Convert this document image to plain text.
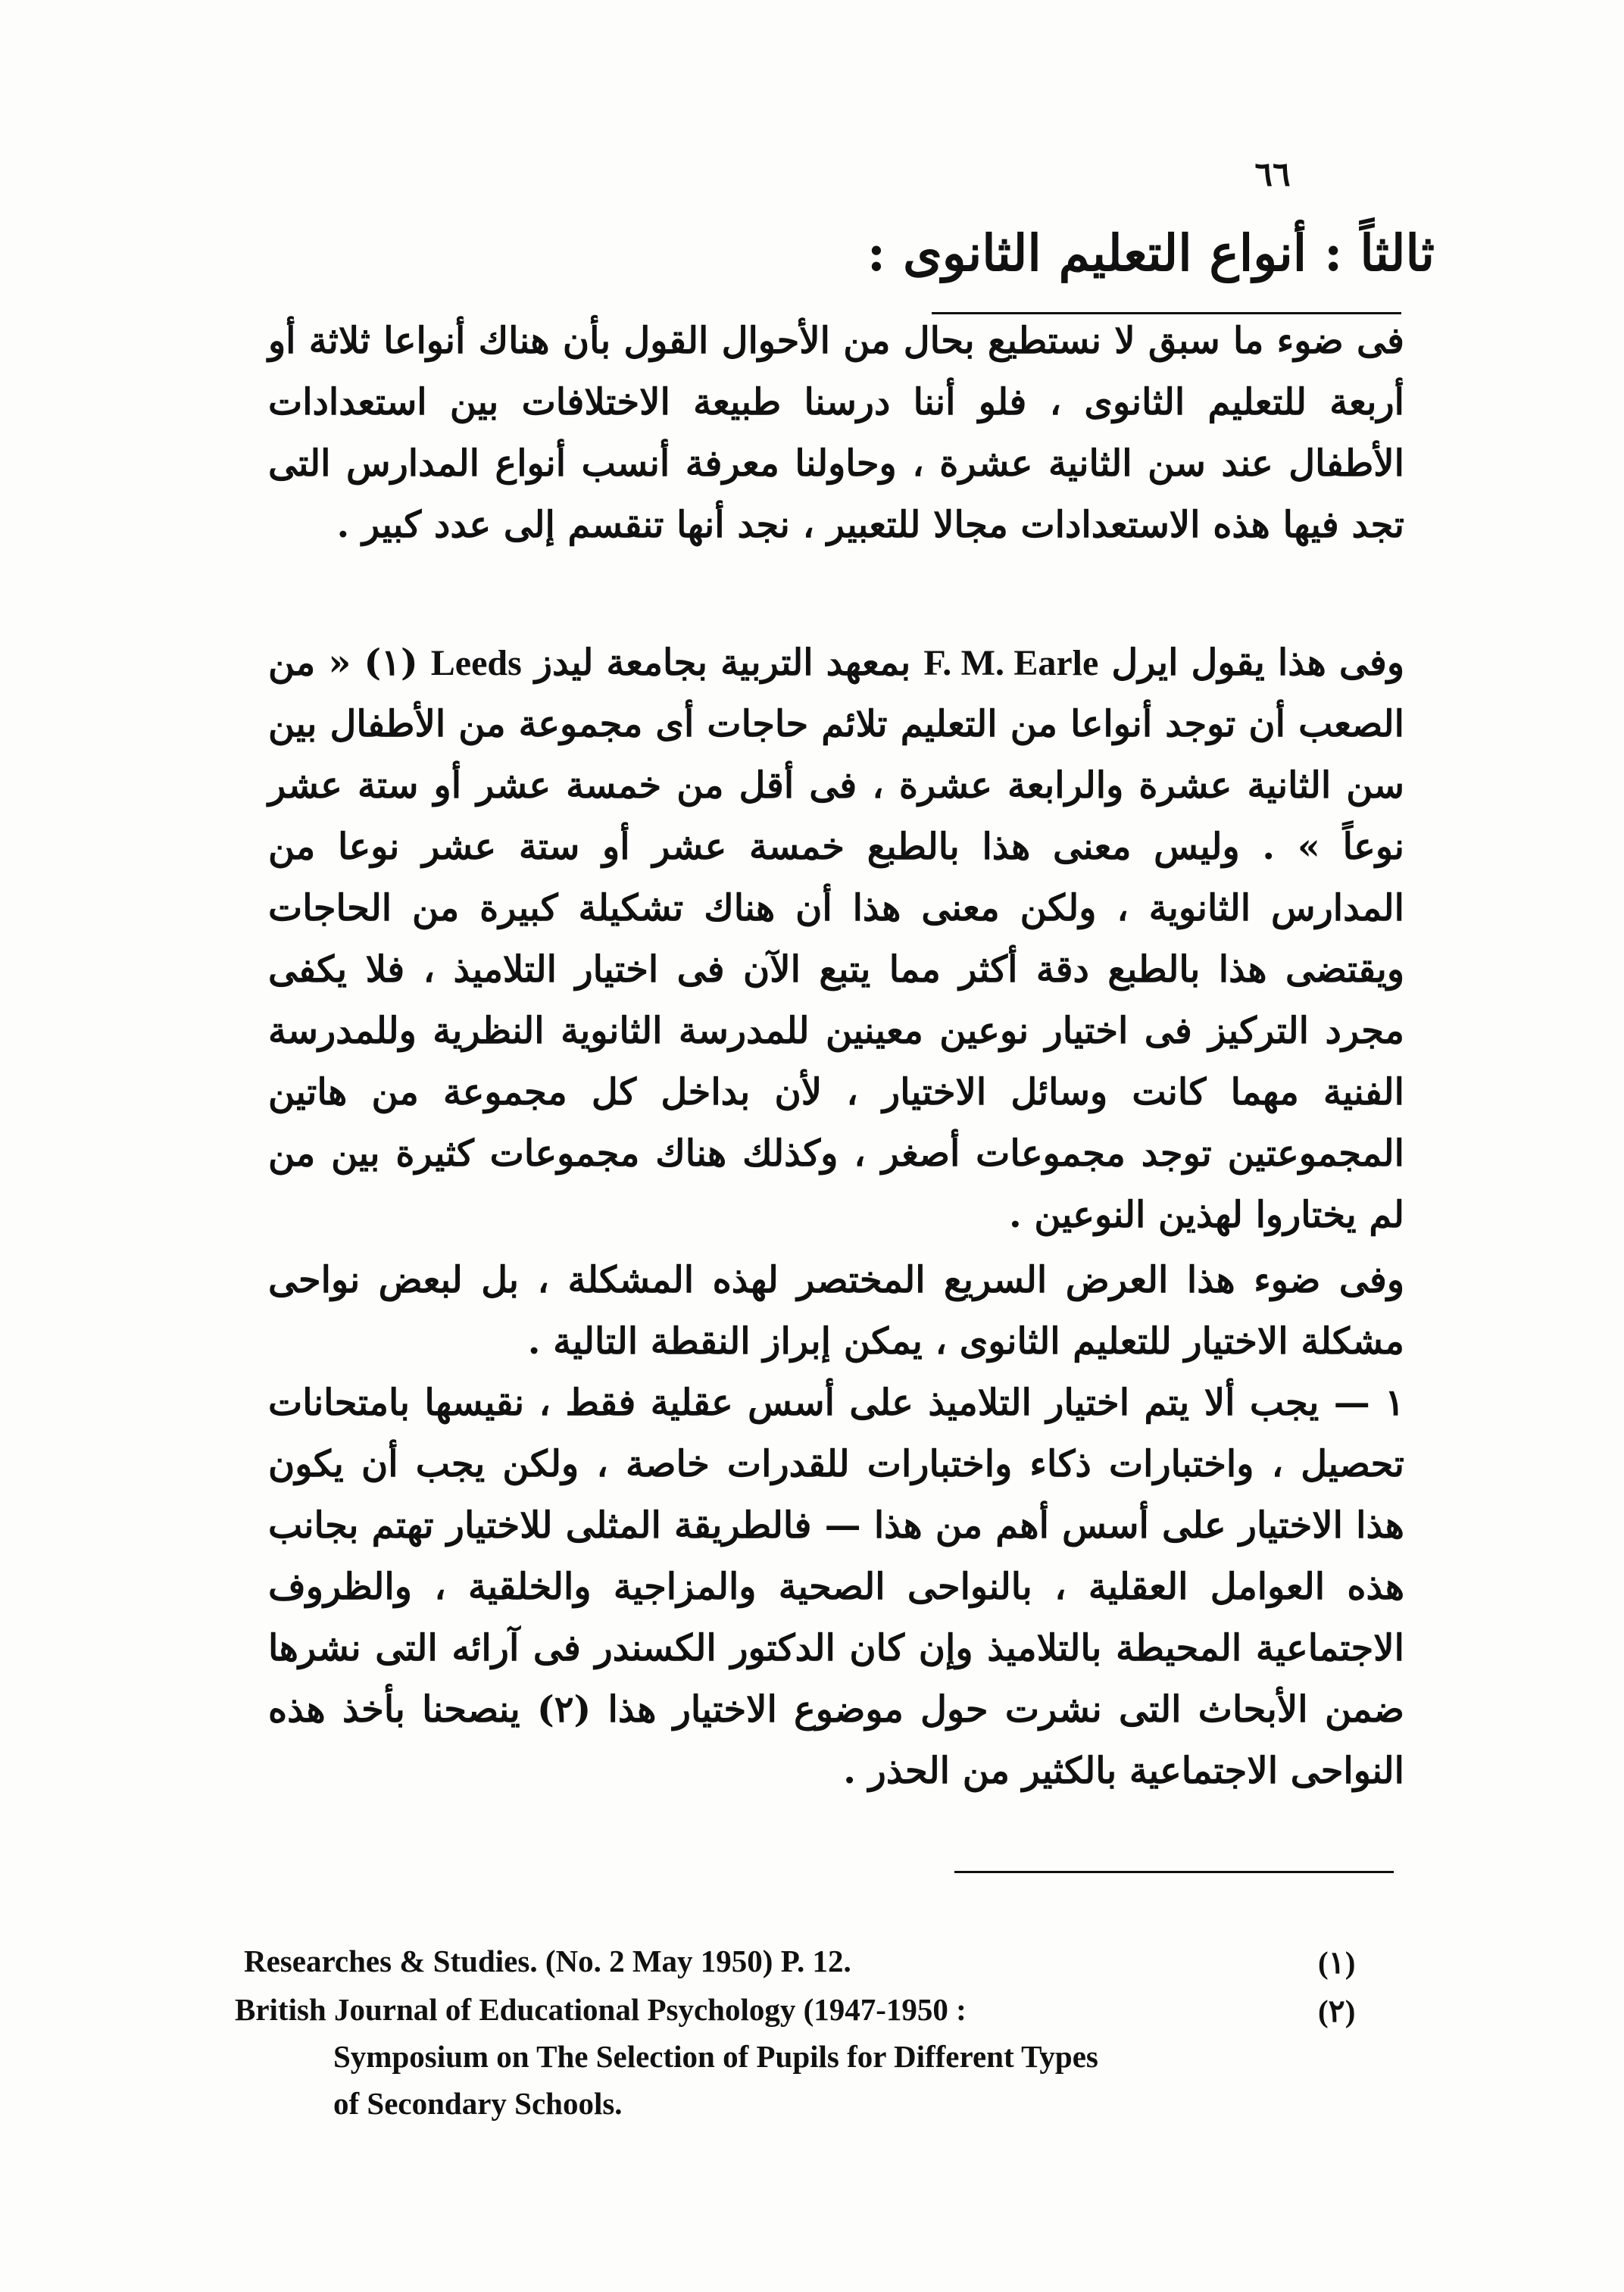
٦٦
ثالثاً : أنواع التعليم الثانوى :
فى ضوء ما سبق لا نستطيع بحال من الأحوال القول بأن هناك أنواعا ثلاثة أو أربعة للتعليم الثانوى ، فلو أننا درسنا طبيعة الاختلافات بين استعدادات الأطفال عند سن الثانية عشرة ، وحاولنا معرفة أنسب أنواع المدارس التى تجد فيها هذه الاستعدادات مجالا للتعبير ، نجد أنها تنقسم إلى عدد كبير .
وفى هذا يقول ايرل F. M. Earle بمعهد التربية بجامعة ليدز Leeds (١) « من الصعب أن توجد أنواعا من التعليم تلائم حاجات أى مجموعة من الأطفال بين سن الثانية عشرة والرابعة عشرة ، فى أقل من خمسة عشر أو ستة عشر نوعاً » . وليس معنى هذا بالطبع خمسة عشر أو ستة عشر نوعا من المدارس الثانوية ، ولكن معنى هذا أن هناك تشكيلة كبيرة من الحاجات ويقتضى هذا بالطبع دقة أكثر مما يتبع الآن فى اختيار التلاميذ ، فلا يكفى مجرد التركيز فى اختيار نوعين معينين للمدرسة الثانوية النظرية وللمدرسة الفنية مهما كانت وسائل الاختيار ، لأن بداخل كل مجموعة من هاتين المجموعتين توجد مجموعات أصغر ، وكذلك هناك مجموعات كثيرة بين من لم يختاروا لهذين النوعين .
وفى ضوء هذا العرض السريع المختصر لهذه المشكلة ، بل لبعض نواحى مشكلة الاختيار للتعليم الثانوى ، يمكن إبراز النقطة التالية .
١ — يجب ألا يتم اختيار التلاميذ على أسس عقلية فقط ، نقيسها بامتحانات تحصيل ، واختبارات ذكاء واختبارات للقدرات خاصة ، ولكن يجب أن يكون هذا الاختيار على أسس أهم من هذا — فالطريقة المثلى للاختيار تهتم بجانب هذه العوامل العقلية ، بالنواحى الصحية والمزاجية والخلقية ، والظروف الاجتماعية المحيطة بالتلاميذ وإن كان الدكتور الكسندر فى آرائه التى نشرها ضمن الأبحاث التى نشرت حول موضوع الاختيار هذا (٢) ينصحنا بأخذ هذه النواحى الاجتماعية بالكثير من الحذر .
Researches & Studies. (No. 2 May 1950) P. 12.	(١)
British Journal of Educational Psychology (1947-1950 :	(٢)
Symposium on The Selection of Pupils for Different Types
of Secondary Schools.
